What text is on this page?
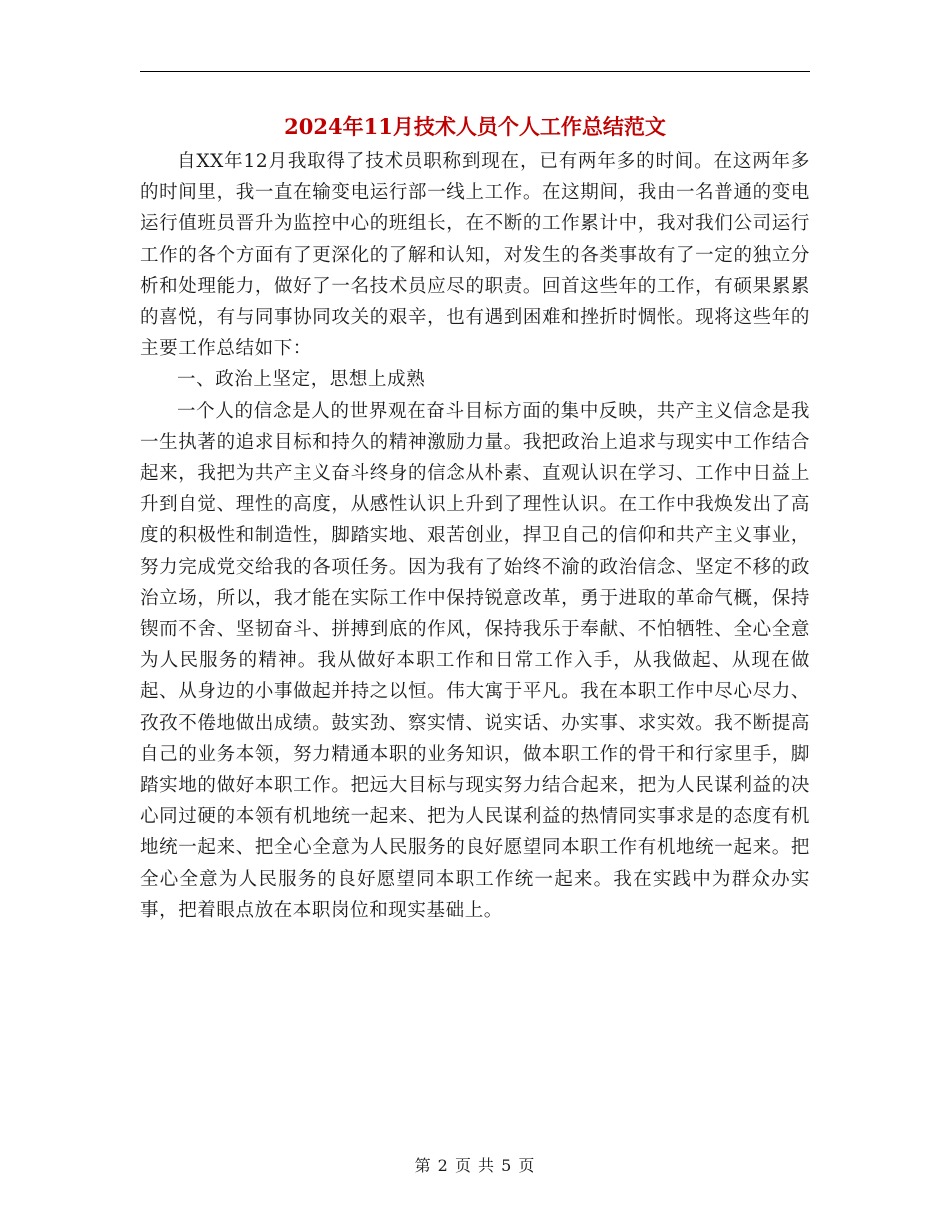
2024年11月技术人员个人工作总结范文

自XX年12月我取得了技术员职称到现在，已有两年多的时间。在这两年多的时间里，我一直在输变电运行部一线上工作。在这期间，我由一名普通的变电运行值班员晋升为监控中心的班组长，在不断的工作累计中，我对我们公司运行工作的各个方面有了更深化的了解和认知，对发生的各类事故有了一定的独立分析和处理能力，做好了一名技术员应尽的职责。回首这些年的工作，有硕果累累的喜悦，有与同事协同攻关的艰辛，也有遇到困难和挫折时惆怅。现将这些年的主要工作总结如下：

一、政治上坚定，思想上成熟

一个人的信念是人的世界观在奋斗目标方面的集中反映，共产主义信念是我一生执著的追求目标和持久的精神激励力量。我把政治上追求与现实中工作结合起来，我把为共产主义奋斗终身的信念从朴素、直观认识在学习、工作中日益上升到自觉、理性的高度，从感性认识上升到了理性认识。在工作中我焕发出了高度的积极性和制造性，脚踏实地、艰苦创业，捍卫自己的信仰和共产主义事业，努力完成党交给我的各项任务。因为我有了始终不渝的政治信念、坚定不移的政治立场，所以，我才能在实际工作中保持锐意改革，勇于进取的革命气概，保持锲而不舍、坚韧奋斗、拼搏到底的作风，保持我乐于奉献、不怕牺牲、全心全意为人民服务的精神。我从做好本职工作和日常工作入手，从我做起、从现在做起、从身边的小事做起并持之以恒。伟大寓于平凡。我在本职工作中尽心尽力、孜孜不倦地做出成绩。鼓实劲、察实情、说实话、办实事、求实效。我不断提高自己的业务本领，努力精通本职的业务知识，做本职工作的骨干和行家里手，脚踏实地的做好本职工作。把远大目标与现实努力结合起来，把为人民谋利益的决心同过硬的本领有机地统一起来、把为人民谋利益的热情同实事求是的态度有机地统一起来、把全心全意为人民服务的良好愿望同本职工作有机地统一起来。把全心全意为人民服务的良好愿望同本职工作统一起来。我在实践中为群众办实事，把着眼点放在本职岗位和现实基础上。

第 2 页 共 5 页
